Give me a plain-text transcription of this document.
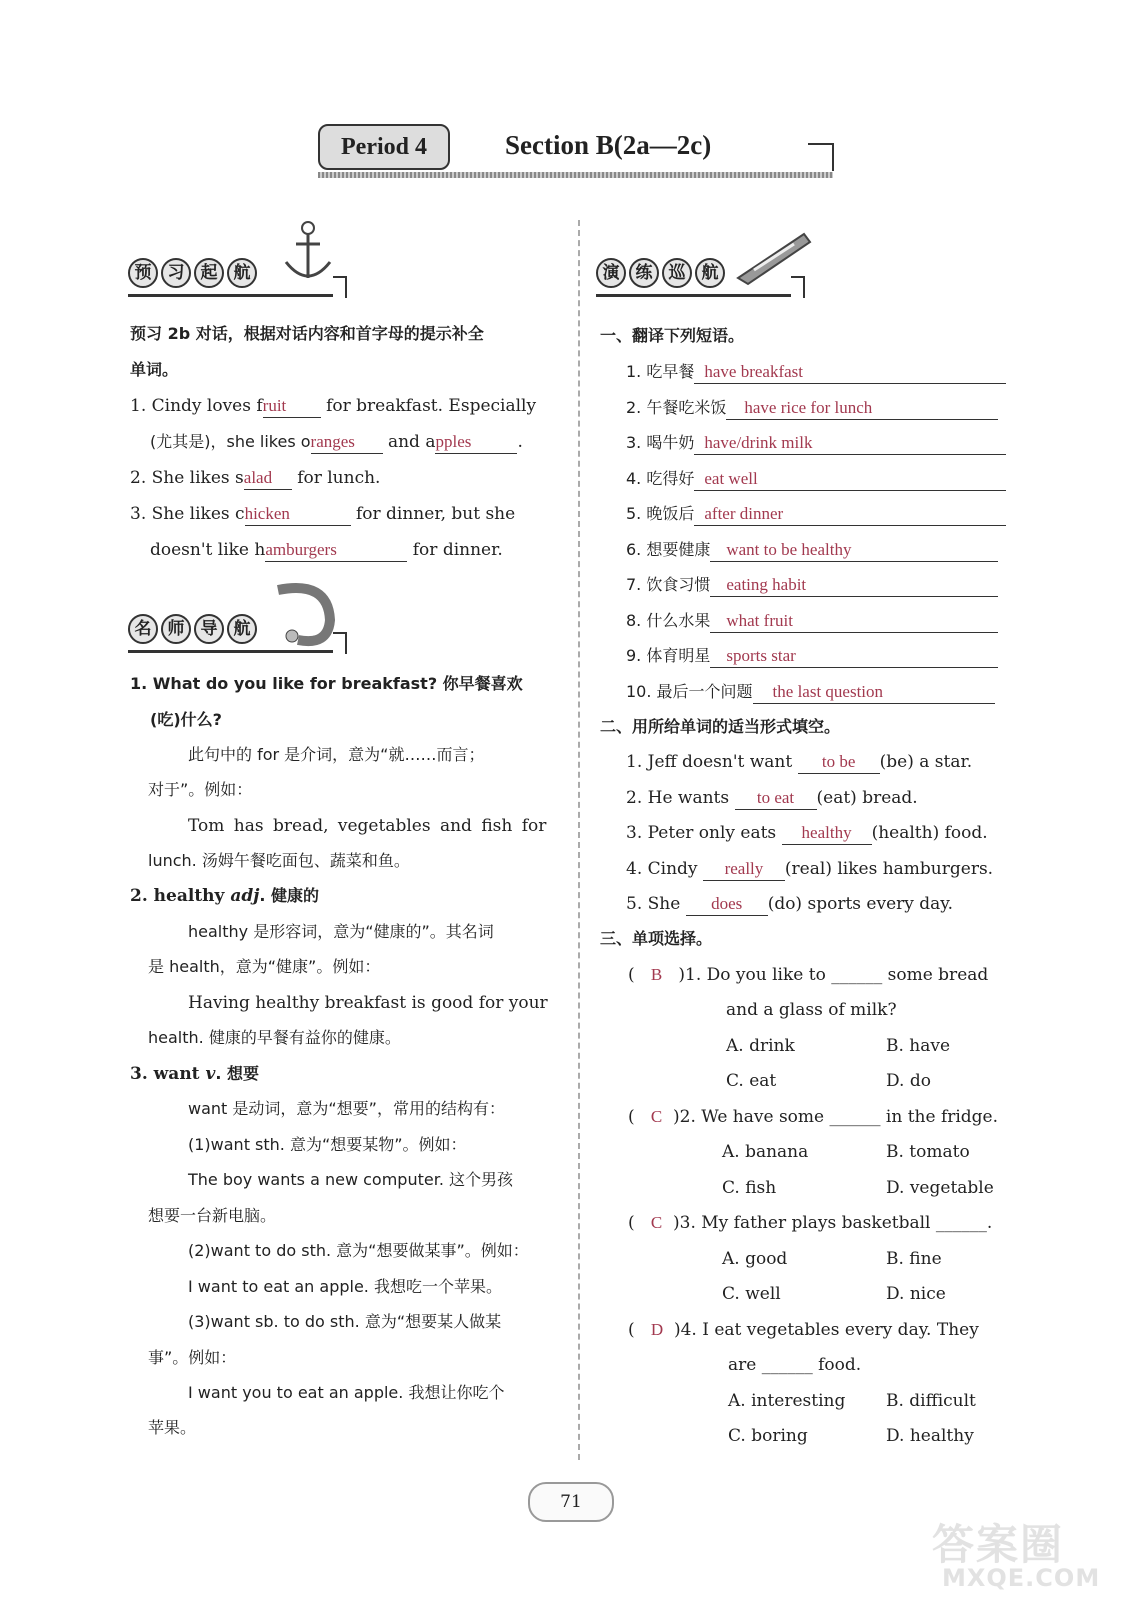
Period 4	Section B(2a—2c)
预 习 起 航
预习 2b 对话，根据对话内容和首字母的提示补全
单词。
1. Cindy loves fruit for breakfast. Especially
(尤其是)，she likes oranges and apples	.
2. She likes salad for lunch.
3. She likes chicken	for dinner, but she
doesn't like hamburgers	for dinner.
名 师 导 航
1. What do you like for breakfast? 你早餐喜欢
(吃)什么?
此句中的 for 是介词，意为“就……而言；
对于”。例如：
Tom has bread, vegetables and fish for
lunch. 汤姆午餐吃面包、蔬菜和鱼。
2. healthy adj. 健康的
healthy 是形容词，意为“健康的”。其名词
是 health，意为“健康”。例如：
Having healthy breakfast is good for your
health. 健康的早餐有益你的健康。
3. want v. 想要
want 是动词，意为“想要”，常用的结构有：
(1)want sth. 意为“想要某物”。例如：
The boy wants a new computer. 这个男孩
想要一台新电脑。
(2)want to do sth. 意为“想要做某事”。例如：
I want to eat an apple. 我想吃一个苹果。
(3)want sb. to do sth. 意为“想要某人做某
事”。例如：
I want you to eat an apple. 我想让你吃个
苹果。
演 练 巡 航
一、翻译下列短语。
1. 吃早餐 have breakfast
2. 午餐吃米饭 have rice for lunch
3. 喝牛奶 have/drink milk
4. 吃得好 eat well
5. 晚饭后 after dinner
6. 想要健康 want to be healthy
7. 饮食习惯 eating habit
8. 什么水果 what fruit
9. 体育明星 sports star
10. 最后一个问题 the last question
二、用所给单词的适当形式填空。
1. Jeff doesn't want to be (be) a star.
2. He wants to eat (eat) bread.
3. Peter only eats healthy (health) food.
4. Cindy really (real) likes hamburgers.
5. She does (do) sports every day.
三、单项选择。
(   B )1. Do you like to ______ some bread
and a glass of milk?
A. drink	B. have
C. eat	D. do
(   C )2. We have some ______ in the fridge.
A. banana	B. tomato
C. fish	D. vegetable
(   C )3. My father plays basketball ______.
A. good	B. fine
C. well	D. nice
(   D )4. I eat vegetables every day. They
are ______ food.
A. interesting B. difficult
C. boring	D. healthy
71
答案圈
MXQE.COM
